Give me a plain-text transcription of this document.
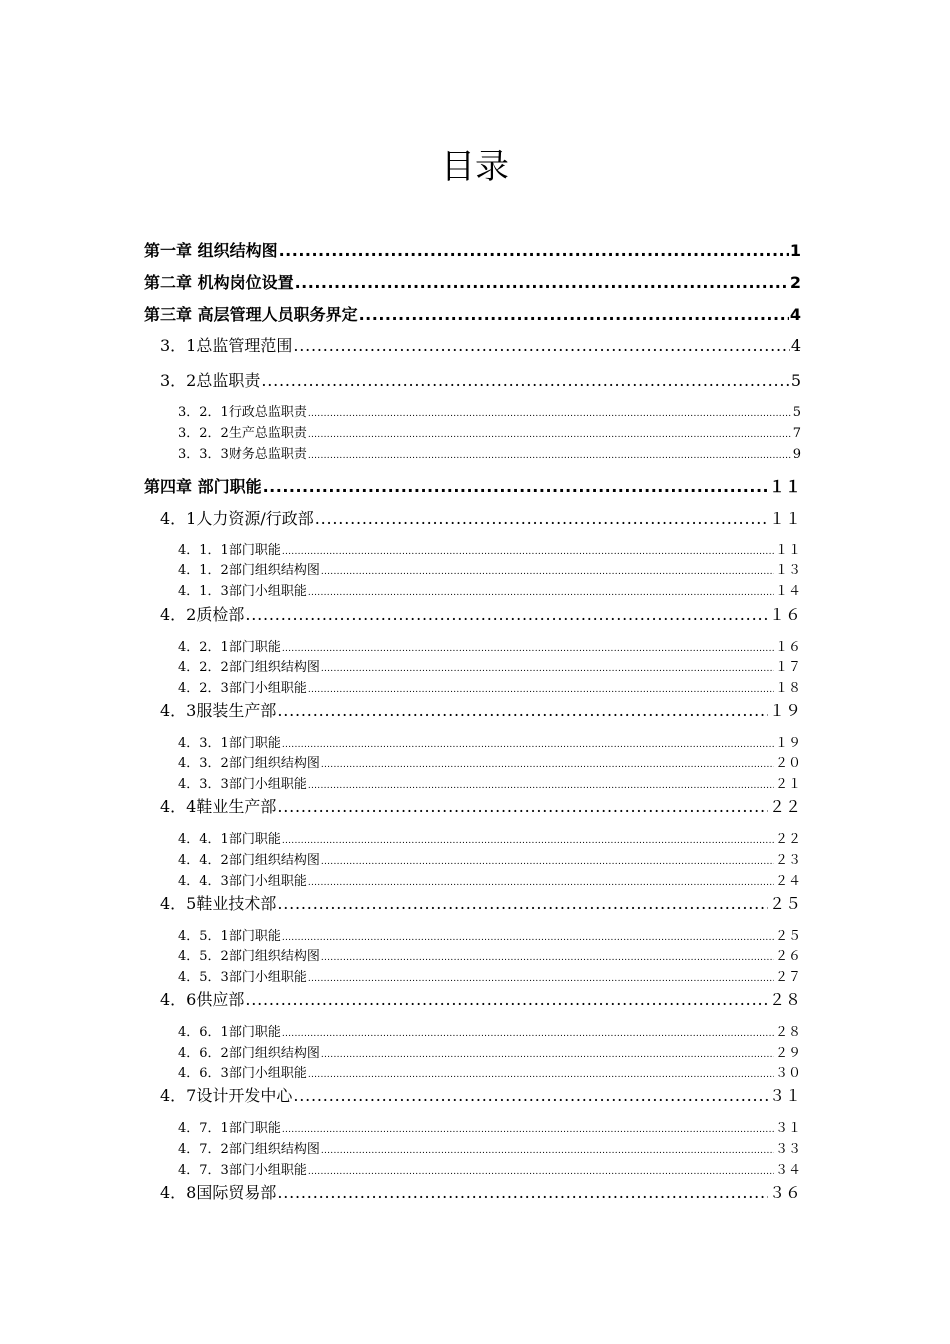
目录
第一章 组织结构图 .....	1
第二章 机构岗位设置 .....	2
第三章 高层管理人员职务界定 .....	4
3．1总监管理范围 .....	4
3．2总监职责 .....	5
3．2．1行政总监职责 .....	5
3．2．2生产总监职责 .....	7
3．3．3财务总监职责 .....	9
第四章 部门职能 .....	１１
4．1人力资源/行政部 .....	１１
4．1．1部门职能 .....	１１
4．1．2部门组织结构图 .....	１３
4．1．3部门小组职能 .....	１４
4．2质检部 .....	１６
4．2．1部门职能 .....	１６
4．2．2部门组织结构图 .....	１７
4．2．3部门小组职能 .....	１８
4．3服装生产部 .....	１９
4．3．1部门职能 .....	１９
4．3．2部门组织结构图 .....	２０
4．3．3部门小组职能 .....	２１
4．4鞋业生产部 .....	２２
4．4．1部门职能 .....	２２
4．4．2部门组织结构图 .....	２３
4．4．3部门小组职能 .....	２４
4．5鞋业技术部 .....	２５
4．5．1部门职能 .....	２５
4．5．2部门组织结构图 .....	２６
4．5．3部门小组职能 .....	２７
4．6供应部 .....	２８
4．6．1部门职能 .....	２８
4．6．2部门组织结构图 .....	２９
4．6．3部门小组职能 .....	３０
4．7设计开发中心 .....	３１
4．7．1部门职能 .....	３１
4．7．2部门组织结构图 .....	３３
4．7．3部门小组职能 .....	３４
4．8国际贸易部 .....	３６
